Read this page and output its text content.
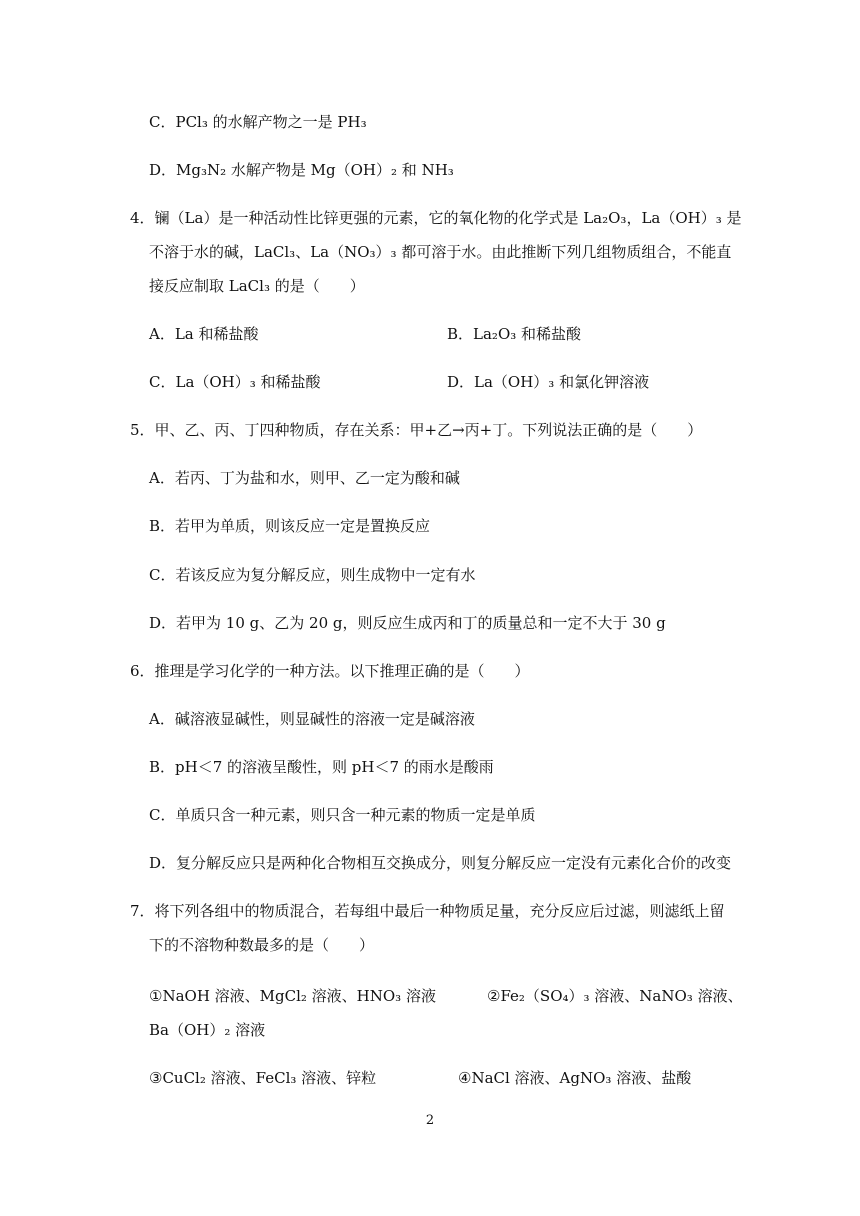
C．PCl₃ 的水解产物之一是 PH₃
D．Mg₃N₂ 水解产物是 Mg（OH）₂ 和 NH₃
4．镧（La）是一种活动性比锌更强的元素，它的氧化物的化学式是 La₂O₃，La（OH）₃ 是
不溶于水的碱，LaCl₃、La（NO₃）₃ 都可溶于水。由此推断下列几组物质组合，不能直
接反应制取 LaCl₃ 的是（　　）
A．La 和稀盐酸	B．La₂O₃ 和稀盐酸
C．La（OH）₃ 和稀盐酸	D．La（OH）₃ 和氯化钾溶液
5．甲、乙、丙、丁四种物质，存在关系：甲+乙→丙+丁。下列说法正确的是（　　）
A．若丙、丁为盐和水，则甲、乙一定为酸和碱
B．若甲为单质，则该反应一定是置换反应
C．若该反应为复分解反应，则生成物中一定有水
D．若甲为 10 g、乙为 20 g，则反应生成丙和丁的质量总和一定不大于 30 g
6．推理是学习化学的一种方法。以下推理正确的是（　　）
A．碱溶液显碱性，则显碱性的溶液一定是碱溶液
B．pH＜7 的溶液呈酸性，则 pH＜7 的雨水是酸雨
C．单质只含一种元素，则只含一种元素的物质一定是单质
D．复分解反应只是两种化合物相互交换成分，则复分解反应一定没有元素化合价的改变
7．将下列各组中的物质混合，若每组中最后一种物质足量，充分反应后过滤，则滤纸上留
下的不溶物种数最多的是（　　）
①NaOH 溶液、MgCl₂ 溶液、HNO₃ 溶液	②Fe₂（SO₄）₃ 溶液、NaNO₃ 溶液、
Ba（OH）₂ 溶液
③CuCl₂ 溶液、FeCl₃ 溶液、锌粒	④NaCl 溶液、AgNO₃ 溶液、盐酸
2
